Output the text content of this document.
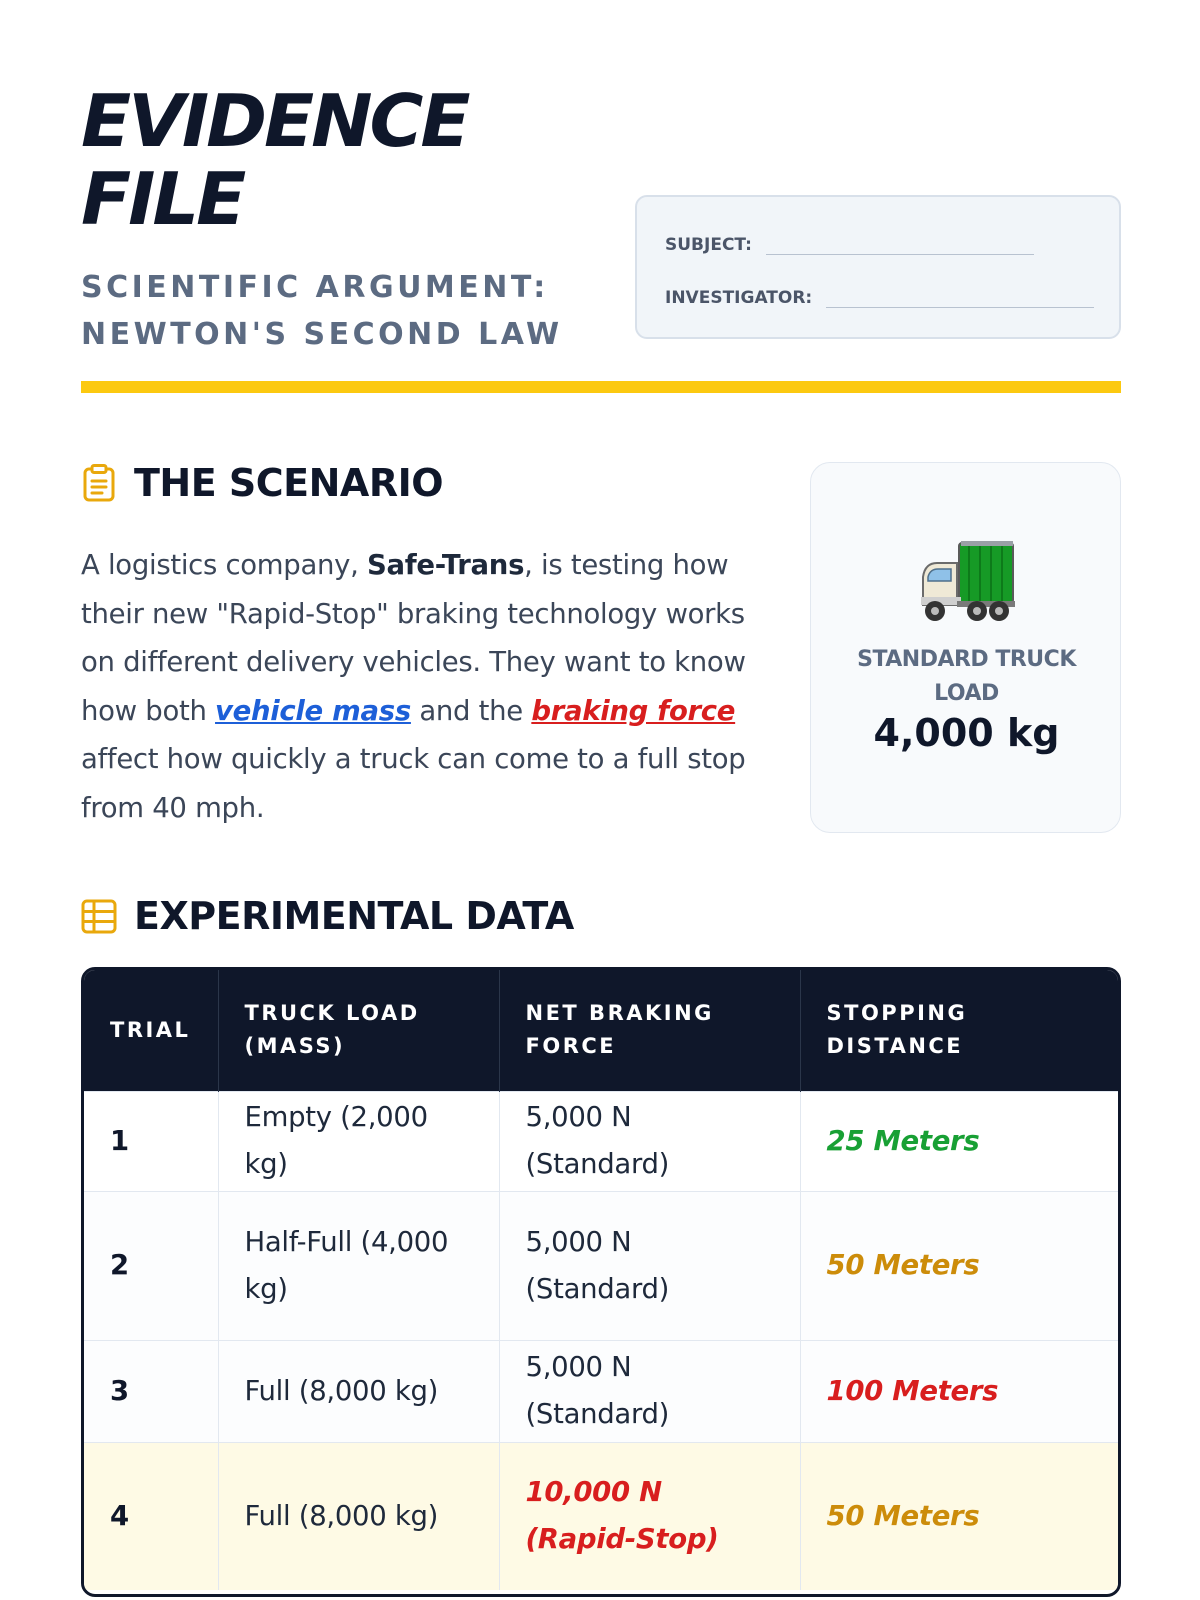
EVIDENCE
FILE
SCIENTIFIC ARGUMENT:
NEWTON'S SECOND LAW
SUBJECT:
INVESTIGATOR:
THE SCENARIO

A logistics company, Safe-Trans, is testing how their new "Rapid-Stop" braking technology works on different delivery vehicles. They want to know how both vehicle mass and the braking force affect how quickly a truck can come to a full stop from 40 mph.

STANDARD TRUCK LOAD
4,000 kg
EXPERIMENTAL DATA
TRIAL	TRUCK LOAD (MASS)	NET BRAKING FORCE	STOPPING DISTANCE
1	Empty (2,000 kg)	5,000 N (Standard)	25 Meters
2	Half-Full (4,000 kg)	5,000 N (Standard)	50 Meters
3	Full (8,000 kg)	5,000 N (Standard)	100 Meters
4	Full (8,000 kg)	10,000 N (Rapid-Stop)	50 Meters
